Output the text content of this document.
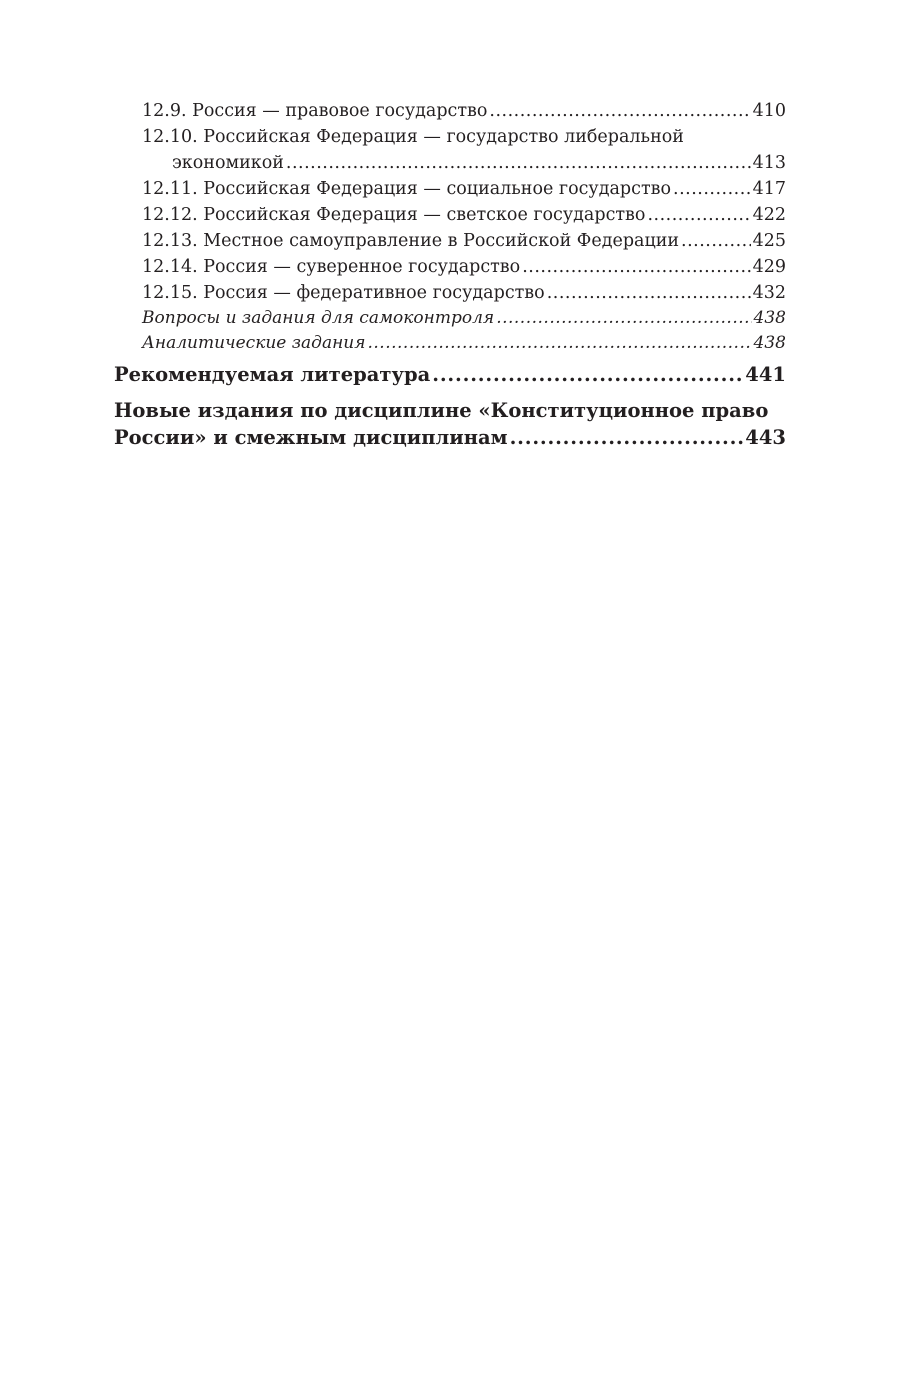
12.9. Россия — правовое государство .....	410
12.10. Российская Федерация — государство либеральной
экономикой .....	413
12.11. Российская Федерация — социальное государство .....	417
12.12. Российская Федерация — светское государство .....	422
12.13. Местное самоуправление в Российской Федерации .....	425
12.14. Россия — суверенное государство .....	429
12.15. Россия — федеративное государство .....	432
Вопросы и задания для самоконтроля .....	438
Аналитические задания .....	438
Рекомендуемая литература .....	441
Новые издания по дисциплине «Конституционное право
России» и смежным дисциплинам .....	443
